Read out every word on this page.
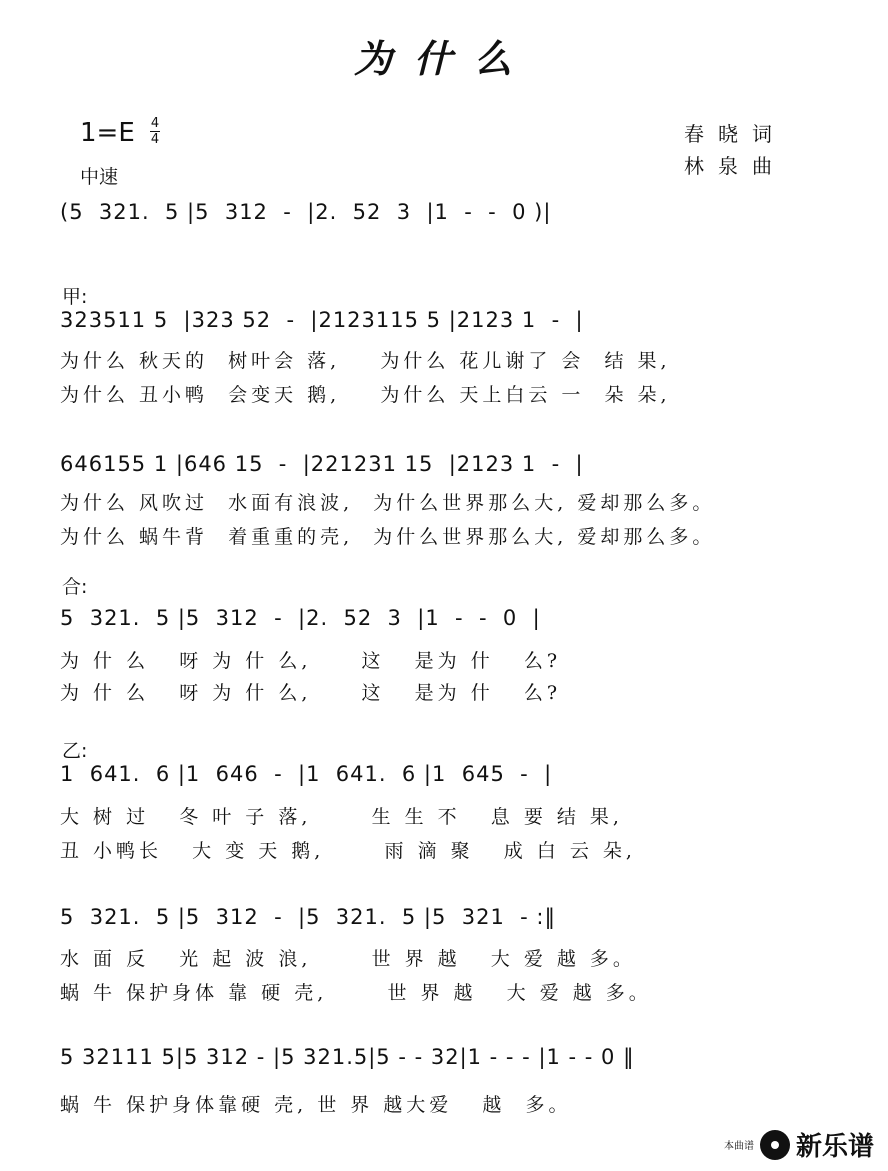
为什么
1=E 4
4
中速
春晓词
林泉曲
(5  321.  5 |5  312  -  |2.  52  3  |1  -  -  0 )|
甲:
323511 5  |323 52  -  |2123115 5 |2123 1  -  |
为什么 秋天的  树叶会 落,    为什么 花儿谢了 会  结 果,
为什么 丑小鸭  会变天 鹅,    为什么 天上白云 一  朵 朵,
646155 1 |646 15  -  |221231 15  |2123 1  -  |
为什么 风吹过  水面有浪波,  为什么世界那么大, 爱却那么多。
为什么 蜗牛背  着重重的壳,  为什么世界那么大, 爱却那么多。
合:
5  321.  5 |5  312  -  |2.  52  3  |1  -  -  0  |
为 什 么   呀 为 什 么,     这   是为 什   么?
为 什 么   呀 为 什 么,     这   是为 什   么?
乙:
1  641.  6 |1  646  -  |1  641.  6 |1  645  -  |
大 树 过   冬 叶 子 落,      生 生 不   息 要 结 果,
丑 小鸭长   大 变 天 鹅,      雨 滴 聚   成 白 云 朵,
5  321.  5 |5  312  -  |5  321.  5 |5  321  - :‖
水 面 反   光 起 波 浪,      世 界 越   大 爱 越 多。
蜗 牛 保护身体 靠 硬 壳,      世 界 越   大 爱 越 多。
5 32111 5|5 312 - |5 321.5|5 - - 32|1 - - - |1 - - 0 ‖
蜗 牛 保护身体靠硬 壳, 世 界 越大爱   越  多。
本曲谱 新乐谱
